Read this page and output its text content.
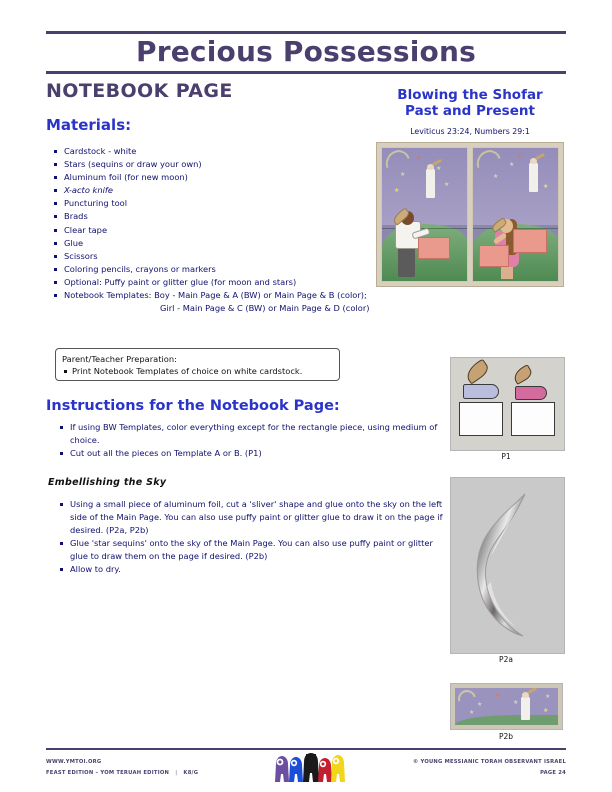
Precious Possessions
NOTEBOOK PAGE
Materials:
Cardstock - white
Stars (sequins or draw your own)
Aluminum foil (for new moon)
X-acto knife
Puncturing tool
Brads
Clear tape
Glue
Scissors
Coloring pencils, crayons or markers
Optional: Puffy paint or glitter glue (for moon and stars)
Notebook Templates: Boy - Main Page & A (BW) or Main Page & B (color);
Girl - Main Page & C (BW) or Main Page & D (color)
Parent/Teacher Preparation:
Print Notebook Templates of choice on white cardstock.
Instructions for the Notebook Page:
If using BW Templates, color everything except for the rectangle piece, using medium of choice.
Cut out all the pieces on Template A or B. (P1)
Embellishing the Sky
Using a small piece of aluminum foil, cut a 'sliver' shape and glue onto the sky on the left side of the Main Page. You can also use puffy paint or glitter glue to draw it on the page if desired. (P2a, P2b)
Glue 'star sequins' onto the sky of the Main Page. You can also use puffy paint or glitter glue to draw them on the page if desired. (P2b)
Allow to dry.
Blowing the Shofar
Past and Present
Leviticus 23:24, Numbers 29:1
★
★
★
★
★
★
★
★
★
P1
P2a
★
★
★
★	★
★
P2b
WWW.YMTOI.ORG
FEAST EDITION – YOM TERUAH EDITION | K8/G
© YOUNG MESSIANIC TORAH OBSERVANT ISRAEL
PAGE 24
